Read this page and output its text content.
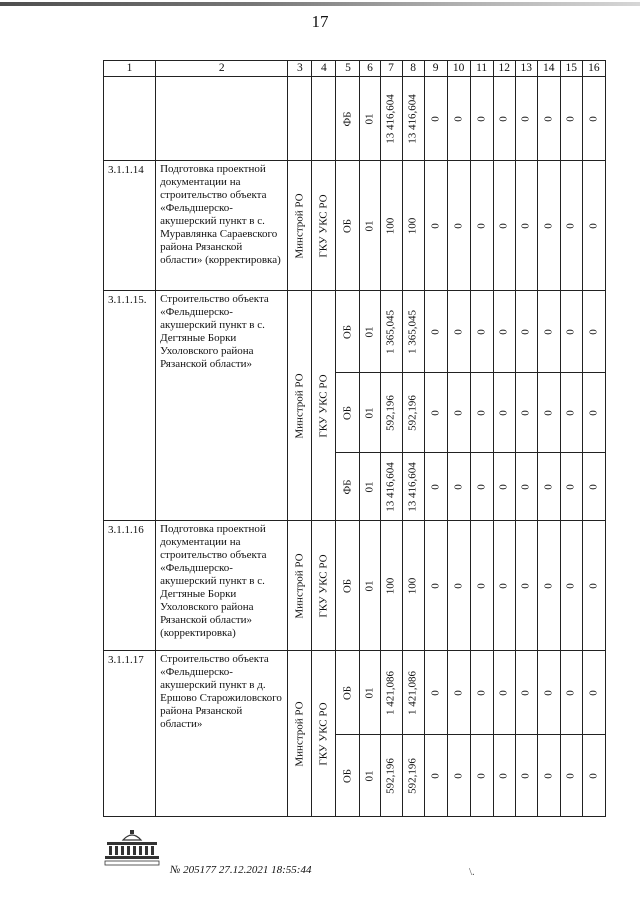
17
1	2	3	4	5	6	7	8	9	10	11	12	13	14	15	16

				ФБ	01	13 416,604	13 416,604	0	0	0	0	0	0	0	0

3.1.1.14	Подготовка проектной документации на строительство объекта «Фельдшерско-акушерский пункт в с. Муравлянка Сараевского района Рязанской области» (корректировка)	Минстрой РО	ГКУ УКС РО	ОБ	01	100	100	0	0	0	0	0	0	0	0

3.1.1.15.	Строительство объекта «Фельдшерско-акушерский пункт в с. Дегтяные Борки Ухоловского района Рязанской области»	Минстрой РО	ГКУ УКС РО	ОБ	01	1 365,045	1 365,045	0	0	0	0	0	0	0	0

				ОБ	01	592,196	592,196	0	0	0	0	0	0	0	0

				ФБ	01	13 416,604	13 416,604	0	0	0	0	0	0	0	0

3.1.1.16	Подготовка проектной документации на строительство объекта «Фельдшерско-акушерский пункт в с. Дегтяные Борки Ухоловского района Рязанской области» (корректировка)	Минстрой РО	ГКУ УКС РО	ОБ	01	100	100	0	0	0	0	0	0	0	0

3.1.1.17	Строительство объекта «Фельдшерско-акушерский пункт в д. Ершово Старожиловского района Рязанской области»	Минстрой РО	ГКУ УКС РО	ОБ	01	1 421,086	1 421,086	0	0	0	0	0	0	0	0

				ОБ	01	592,196	592,196	0	0	0	0	0	0	0	0
№ 205177 27.12.2021 18:55:44	\.
